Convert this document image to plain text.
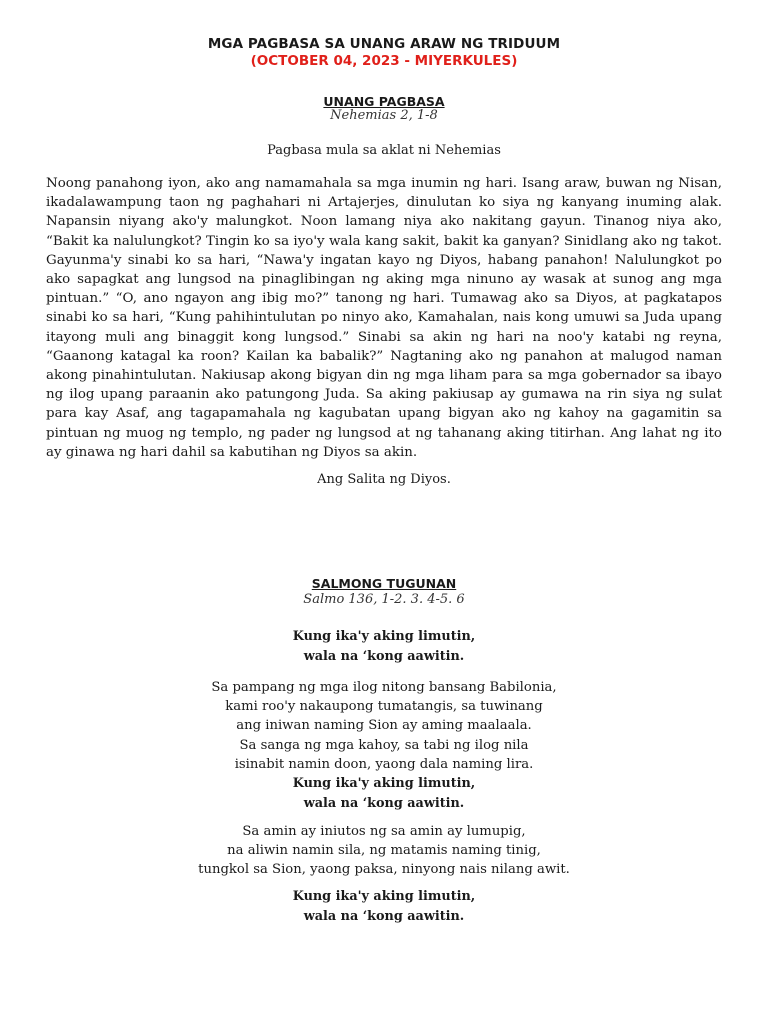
MGA PAGBASA SA UNANG ARAW NG TRIDUUM
(OCTOBER 04, 2023 - MIYERKULES)
UNANG PAGBASA
Nehemias 2, 1-8
Pagbasa mula sa aklat ni Nehemias

Noong panahong iyon, ako ang namamahala sa mga inumin ng hari. Isang araw, buwan ng Nisan, ikadalawampung taon ng paghahari ni Artajerjes, dinulutan ko siya ng kanyang inuming alak. Napansin niyang ako'y malungkot. Noon lamang niya ako nakitang gayun. Tinanog niya ako, “Bakit ka nalulungkot? Tingin ko sa iyo'y wala kang sakit, bakit ka ganyan? Sinidlang ako ng takot. Gayunma'y sinabi ko sa hari, “Nawa'y ingatan kayo ng Diyos, habang panahon! Nalulungkot po ako sapagkat ang lungsod na pinaglibingan ng aking mga ninuno ay wasak at sunog ang mga pintuan.” “O, ano ngayon ang ibig mo?” tanong ng hari. Tumawag ako sa Diyos, at pagkatapos sinabi ko sa hari, “Kung pahihintulutan po ninyo ako, Kamahalan, nais kong umuwi sa Juda upang itayong muli ang binaggit kong lungsod.” Sinabi sa akin ng hari na noo'y katabi ng reyna, “Gaanong katagal ka roon? Kailan ka babalik?” Nagtaning ako ng panahon at malugod naman akong pinahintulutan. Nakiusap akong bigyan din ng mga liham para sa mga gobernador sa ibayo ng ilog upang paraanin ako patungong Juda. Sa aking pakiusap ay gumawa na rin siya ng sulat para kay Asaf, ang tagapamahala ng kagubatan upang bigyan ako ng kahoy na gagamitin sa pintuan ng muog ng templo, ng pader ng lungsod at ng tahanang aking titirhan. Ang lahat ng ito ay ginawa ng hari dahil sa kabutihan ng Diyos sa akin.

Ang Salita ng Diyos.
SALMONG TUGUNAN
Salmo 136, 1-2. 3. 4-5. 6
Kung ika'y aking limutin,
wala na ‘kong aawitin.
Sa pampang ng mga ilog nitong bansang Babilonia,
kami roo'y nakaupong tumatangis, sa tuwinang
ang iniwan naming Sion ay aming maalaala.
Sa sanga ng mga kahoy, sa tabi ng ilog nila
isinabit namin doon, yaong dala naming lira.
Kung ika'y aking limutin,
wala na ‘kong aawitin.
Sa amin ay iniutos ng sa amin ay lumupig,
na aliwin namin sila, ng matamis naming tinig,
tungkol sa Sion, yaong paksa, ninyong nais nilang awit.
Kung ika'y aking limutin,
wala na ‘kong aawitin.
